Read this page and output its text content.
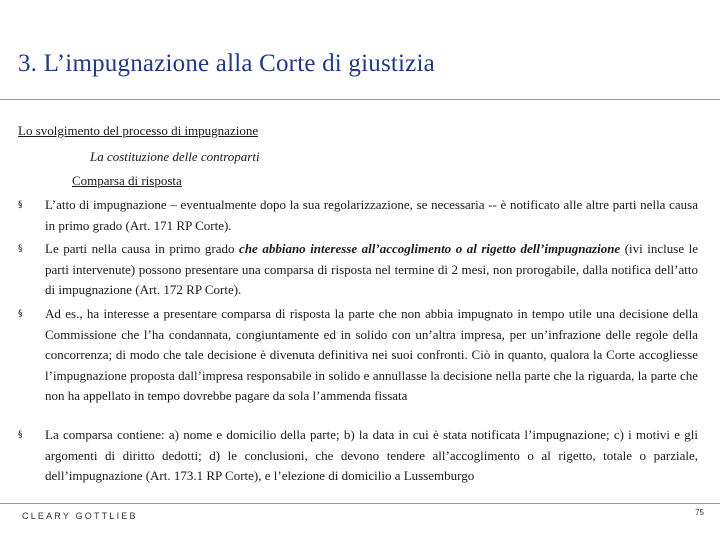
3. L’impugnazione alla Corte di giustizia
Lo svolgimento del processo di impugnazione
La costituzione delle controparti
Comparsa di risposta
§	L’atto di impugnazione – eventualmente dopo la sua regolarizzazione, se necessaria -- è notificato alle altre parti nella causa in primo grado (Art. 171 RP Corte).
§	Le parti nella causa in primo grado che abbiano interesse all’accoglimento o al rigetto dell’impugnazione (ivi incluse le parti intervenute) possono presentare una comparsa di risposta nel termine di 2 mesi, non prorogabile, dalla notifica dell’atto di impugnazione (Art. 172 RP Corte).
§	Ad es., ha interesse a presentare comparsa di risposta la parte che non abbia impugnato in tempo utile una decisione della Commissione che l’ha condannata, congiuntamente ed in solido con un’altra impresa, per un’infrazione delle regole della concorrenza; di modo che tale decisione è divenuta definitiva nei suoi confronti. Ciò in quanto, qualora la Corte accogliesse l’impugnazione proposta dall’impresa responsabile in solido e annullasse la decisione nella parte che la riguarda, la parte che non ha appellato in tempo dovrebbe pagare da sola l’ammenda fissata
§	La comparsa contiene: a) nome e domicilio della parte; b) la data in cui è stata notificata l’impugnazione; c) i motivi e gli argomenti di diritto dedotti; d) le conclusioni, che devono tendere all’accoglimento o al rigetto, totale o parziale, dell’impugnazione (Art. 173.1 RP Corte), e l’elezione di domicilio a Lussemburgo
CLEARY GOTTLIEB	75
